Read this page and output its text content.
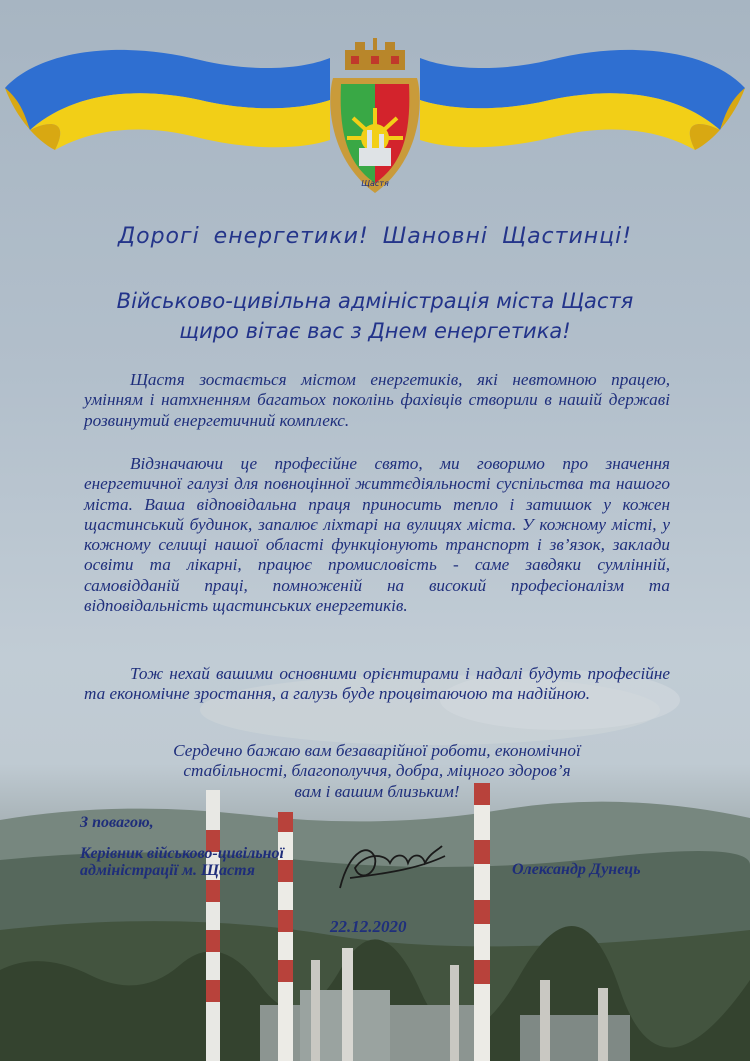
Щастя
Дорогі енергетики! Шановні Щастинці!
Військово-цивільна адміністрація міста Щастя
щиро вітає вас з Днем енергетика!
Щастя зостається містом енергетиків, які невтомною працею, умінням і натхненням багатьох поколінь фахівців створили в нашій державі розвинутий енергетичний комплекс.
Відзначаючи це професійне свято, ми говоримо про значення енергетичної галузі для повноцінної життєдіяльності суспільства та нашого міста. Ваша відповідальна праця приносить тепло і затишок у кожен щастинський будинок, запалює ліхтарі на вулицях міста. У кожному місті, у кожному селищі нашої області функціонують транспорт і зв’язок, заклади освіти та лікарні, працює промисловість - саме завдяки сумлінній, самовідданій праці, помноженій на високий професіоналізм та відповідальність щастинських енергетиків.
Тож нехай вашими основними орієнтирами і надалі будуть професійне та економічне зростання, а галузь буде процвітаючою та надійною.
Сердечно бажаю вам безаварійної роботи, економічної
стабільності, благополуччя, добра, міцного здоров’я
вам і вашим близьким!
З повагою,
Керівник військово-цивільної
адміністрації м. Щастя	Олександр Дунець
22.12.2020
